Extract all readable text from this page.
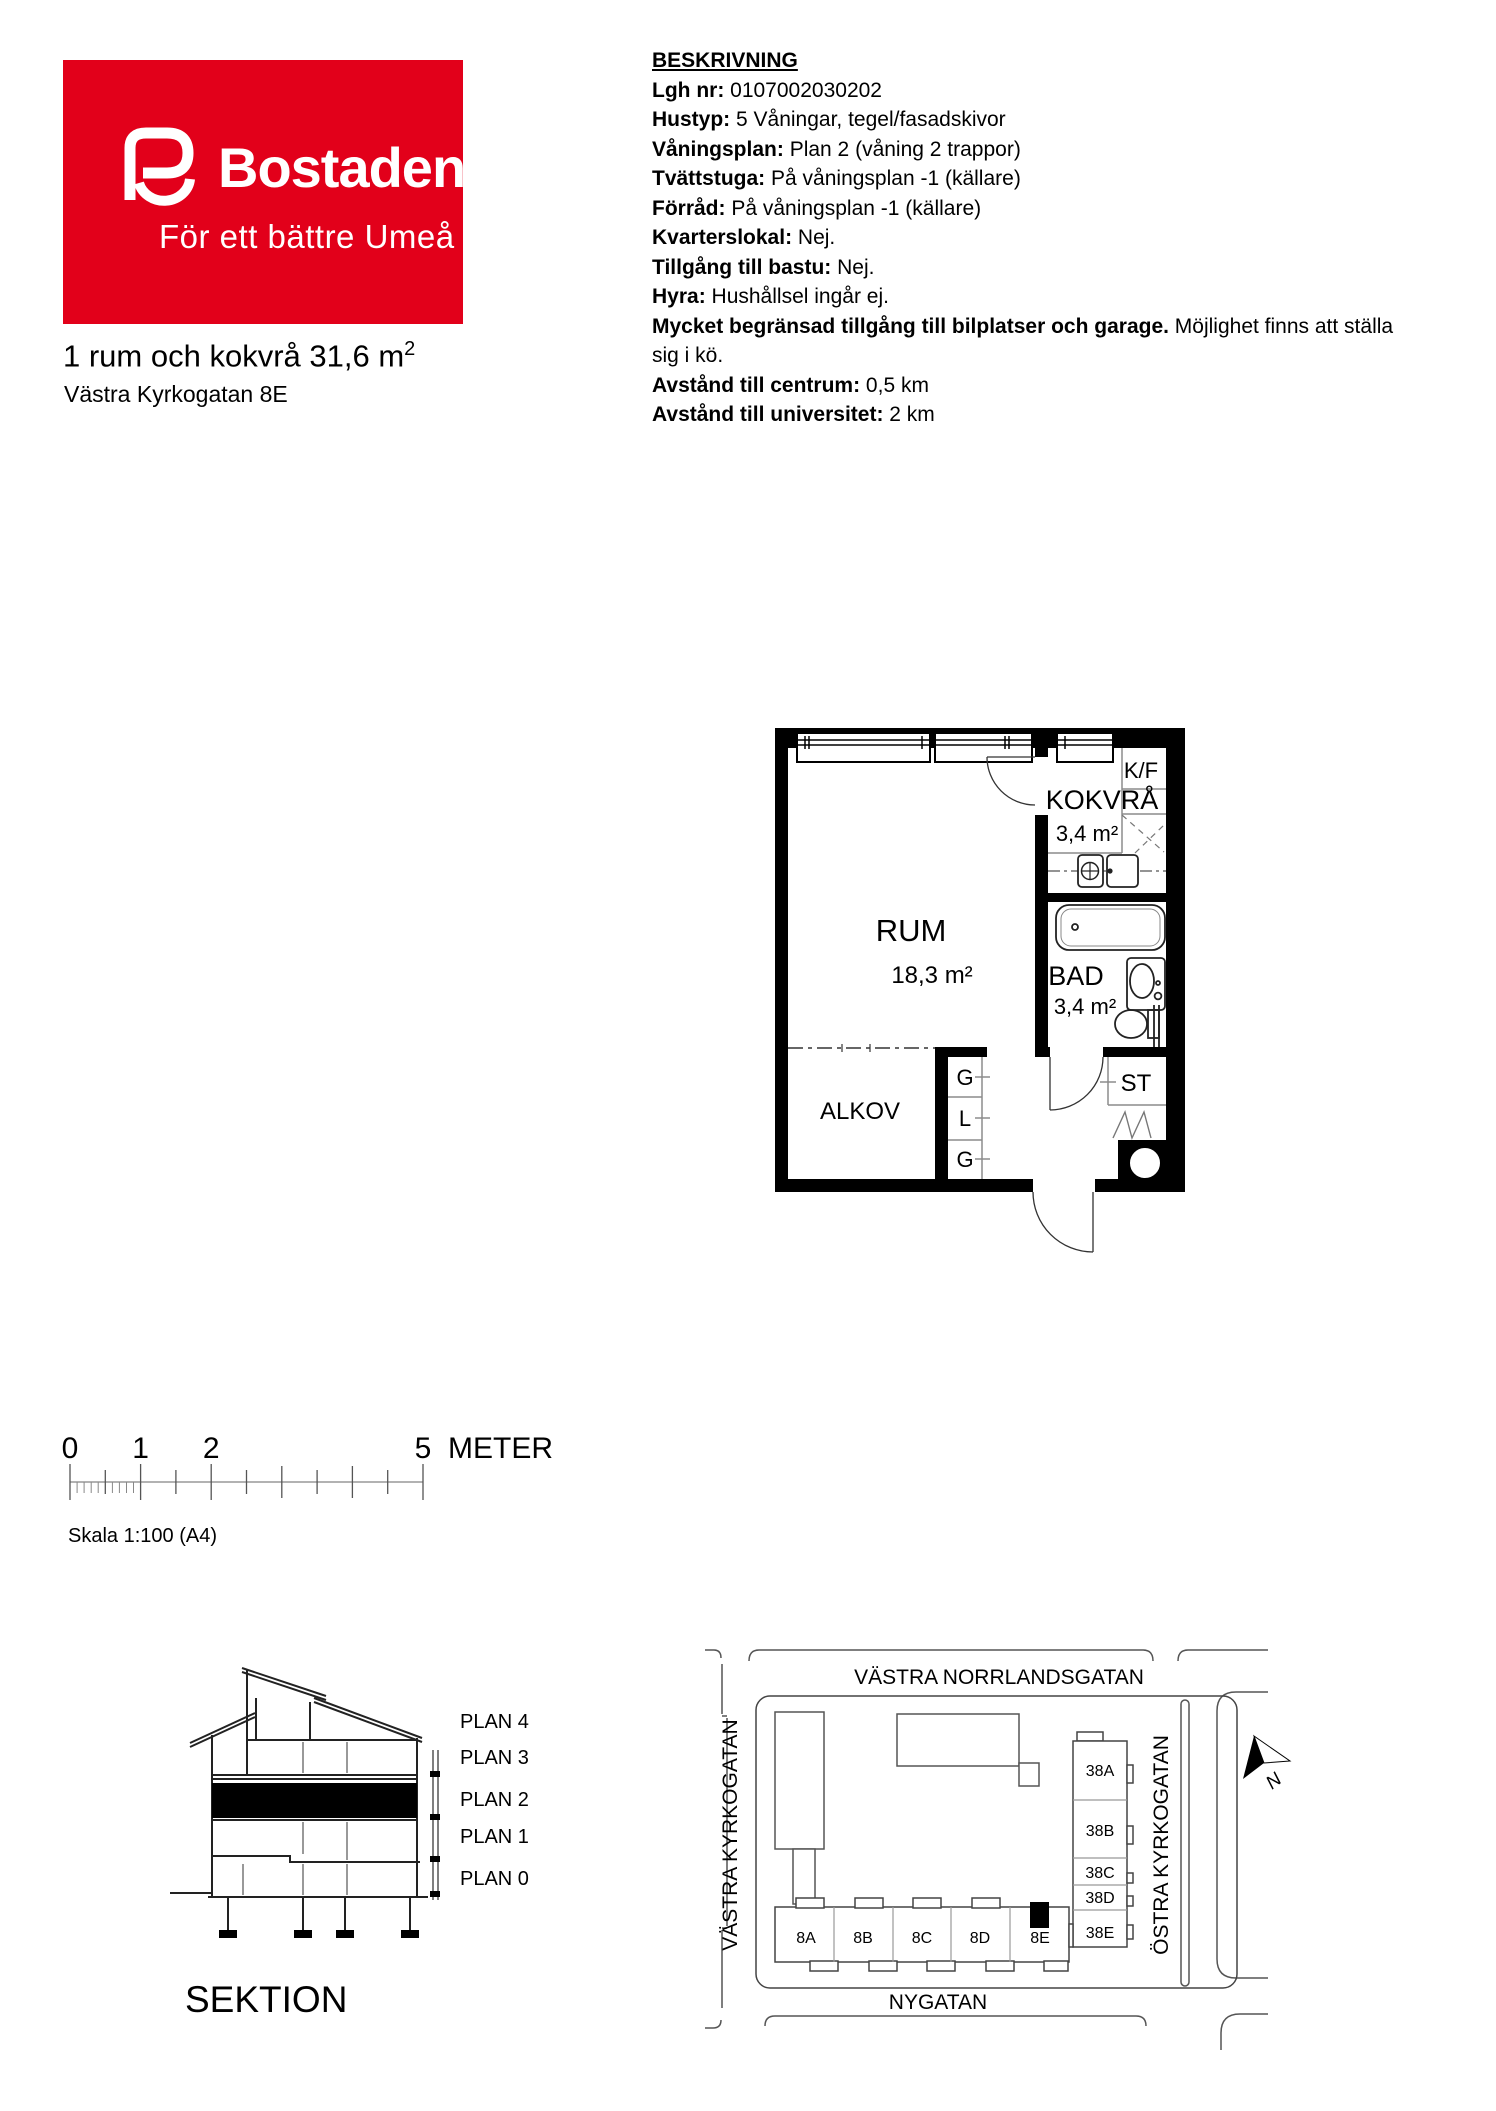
Bostaden
För ett bättre Umeå
1 rum och kokvrå 31,6 $m^2$
Västra Kyrkogatan 8E
BESKRIVNING
Lgh nr: 0107002030202
Hustyp: 5 Våningar, tegel/fasadskivor
Våningsplan: Plan 2 (våning 2 trappor)
Tvättstuga: På våningsplan -1 (källare)
Förråd: På våningsplan -1 (källare)
Kvarterslokal: Nej.
Tillgång till bastu: Nej.
Hyra: Hushållsel ingår ej.
Mycket begränsad tillgång till bilplatser och garage. Möjlighet finns att ställa sig i kö.
Avstånd till centrum: 0,5 km
Avstånd till universitet: 2 km
RUM
18,3 m²
KOKVRÅ
3,4 m²
K/F
BAD
3,4 m²
ALKOV
G
L
G
ST
0 1 2	5 METER
Skala 1:100 (A4)
PLAN 4
PLAN 3
PLAN 2
PLAN 1
PLAN 0
SEKTION
38A
38B
38C
38D
38E
8A 8B 8C 8D 8E
VÄSTRA NORRLANDSGATAN
VÄSTRA KYRKOGATAN	ÖSTRA KYRKOGATAN
NYGATAN
N
